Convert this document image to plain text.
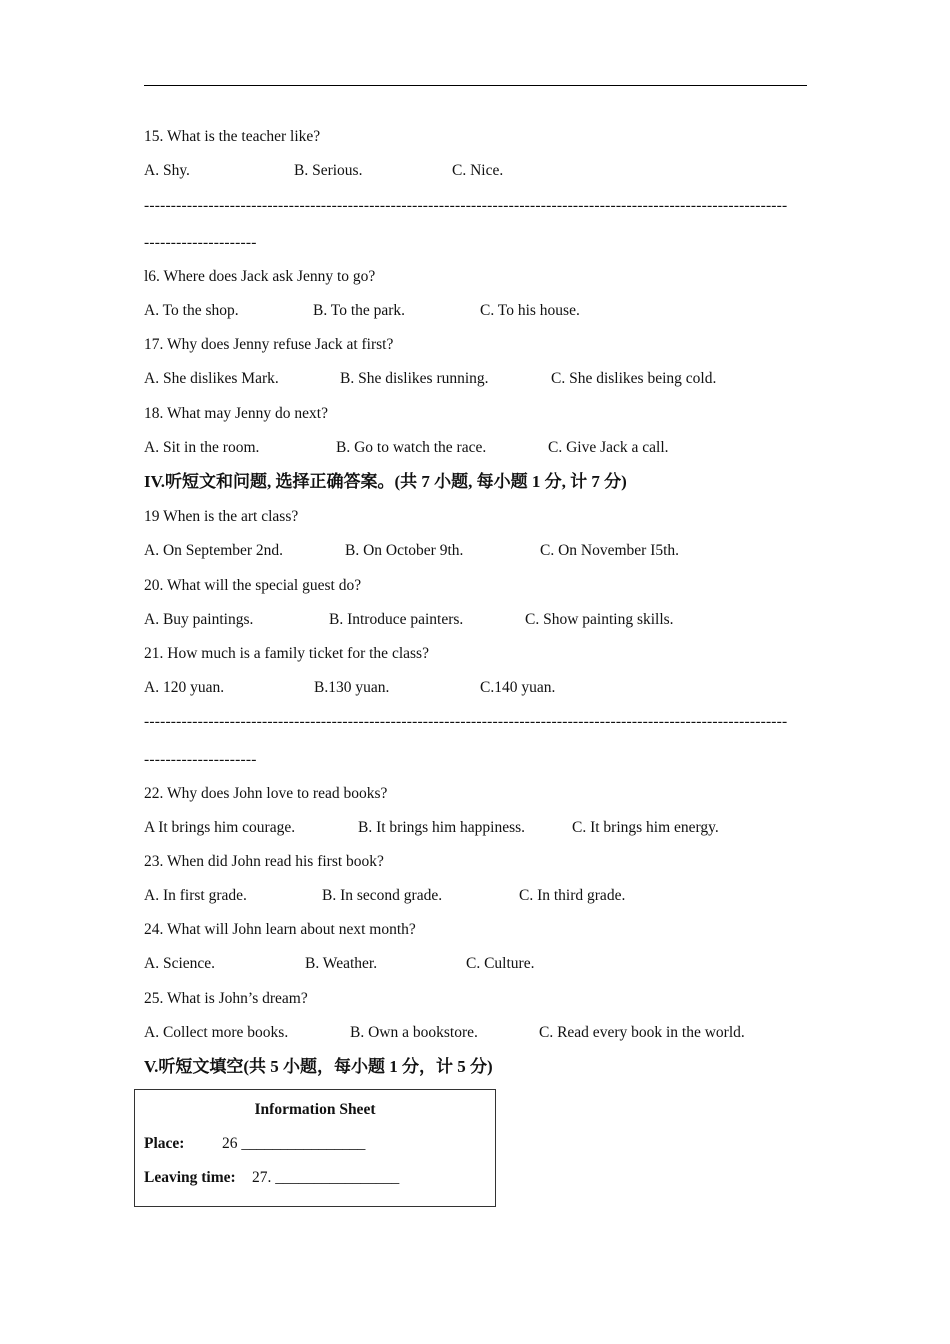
15. What is the teacher like?
A. Shy.	B. Serious.	C. Nice.
------------------------------------------------------------------------------------------------------------------------
---------------------
l6. Where does Jack ask Jenny to go?
A. To the shop.	B. To the park.	C. To his house.
17. Why does Jenny refuse Jack at first?
A. She dislikes Mark.	B. She dislikes running.	C. She dislikes being cold.
18. What may Jenny do next?
A. Sit in the room.	B. Go to watch the race.	C. Give Jack a call.
IV.听短文和问题, 选择正确答案。(共 7 小题, 每小题 1 分, 计 7 分)
19 When is the art class?
A. On September 2nd.	B. On October 9th.	C. On November I5th.
20. What will the special guest do?
A. Buy paintings.	B. Introduce painters.	C. Show painting skills.
21. How much is a family ticket for the class?
A. 120 yuan.	B.130 yuan.	C.140 yuan.
------------------------------------------------------------------------------------------------------------------------
---------------------
22. Why does John love to read books?
A It brings him courage.	B. It brings him happiness.	C. It brings him energy.
23. When did John read his first book?
A. In first grade.	B. In second grade.	C. In third grade.
24. What will John learn about next month?
A. Science.	B. Weather.	C. Culture.
25. What is John’s dream?
A. Collect more books.	B. Own a bookstore.	C. Read every book in the world.
V.听短文填空(共 5 小题，每小题 1 分，计 5 分)
Information Sheet
Place: 26 ________________
Leaving time: 27. ________________
